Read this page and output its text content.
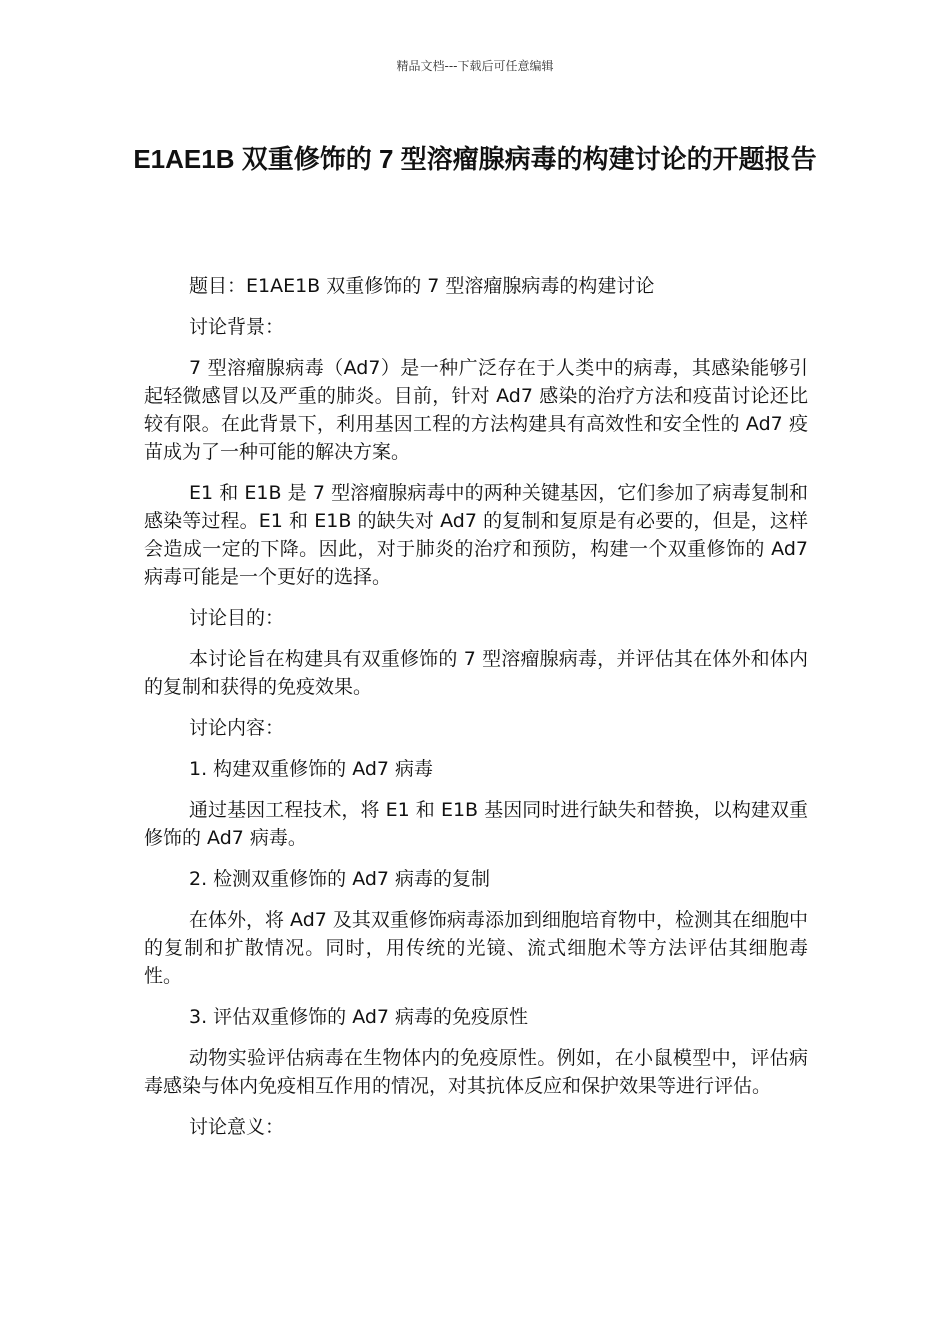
精品文档---下载后可任意编辑
E1AE1B 双重修饰的 7 型溶瘤腺病毒的构建讨论的开题报告

题目：E1AE1B 双重修饰的 7 型溶瘤腺病毒的构建讨论

讨论背景：

7 型溶瘤腺病毒（Ad7）是一种广泛存在于人类中的病毒，其感染能够引起轻微感冒以及严重的肺炎。目前，针对 Ad7 感染的治疗方法和疫苗讨论还比较有限。在此背景下，利用基因工程的方法构建具有高效性和安全性的 Ad7 疫苗成为了一种可能的解决方案。

E1 和 E1B 是 7 型溶瘤腺病毒中的两种关键基因，它们参加了病毒复制和感染等过程。E1 和 E1B 的缺失对 Ad7 的复制和复原是有必要的，但是，这样会造成一定的下降。因此，对于肺炎的治疗和预防，构建一个双重修饰的 Ad7 病毒可能是一个更好的选择。

讨论目的：

本讨论旨在构建具有双重修饰的 7 型溶瘤腺病毒，并评估其在体外和体内的复制和获得的免疫效果。

讨论内容：

1. 构建双重修饰的 Ad7 病毒

通过基因工程技术，将 E1 和 E1B 基因同时进行缺失和替换，以构建双重修饰的 Ad7 病毒。

2. 检测双重修饰的 Ad7 病毒的复制

在体外，将 Ad7 及其双重修饰病毒添加到细胞培育物中，检测其在细胞中的复制和扩散情况。同时，用传统的光镜、流式细胞术等方法评估其细胞毒性。

3. 评估双重修饰的 Ad7 病毒的免疫原性

动物实验评估病毒在生物体内的免疫原性。例如，在小鼠模型中，评估病毒感染与体内免疫相互作用的情况，对其抗体反应和保护效果等进行评估。

讨论意义：
